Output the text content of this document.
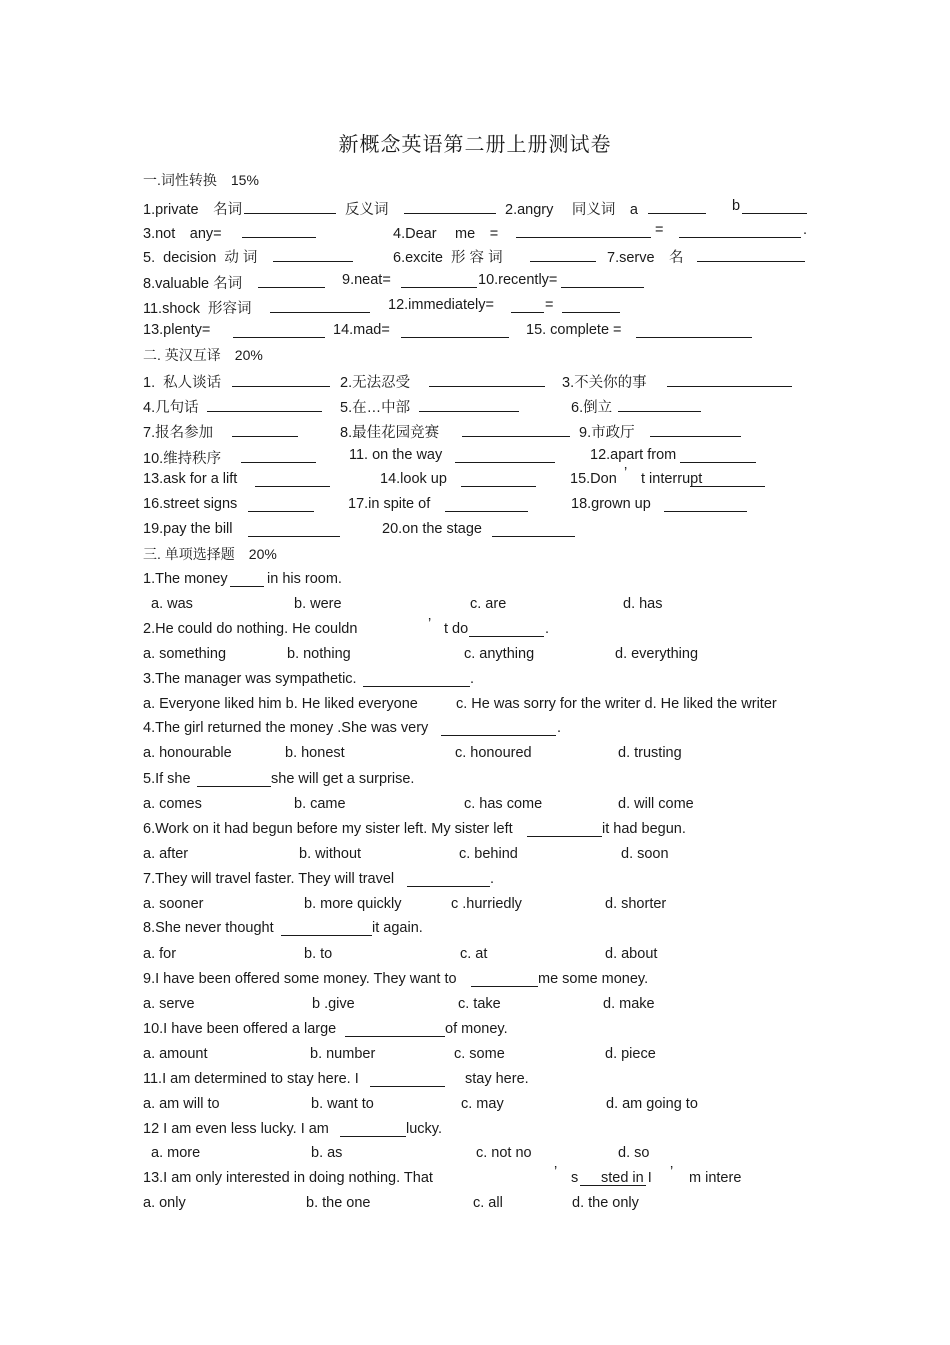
新概念英语第二册上册测试卷
一.词性转换　15%
1.private　名词	反义词	2.angry　 同义词　a	b
3.not　any=	4.Dear　 me　=	=	.
5.  decision  动 词	6.excite  形 容 词	7.serve　名
8.valuable 名词	9.neat=	10.recently=
11.shock  形容词	12.immediately=	=
13.plenty=	14.mad=	15. complete =
二. 英汉互译　20%
1.  私人谈话	2.无法忍受	3.不关你的事
4.几句话	5.在…中部	6.倒立
7.报名参加	8.最佳花园竞赛	9.市政厅
10.维持秩序	11. on the way	12.apart from
13.ask for a lift	14.look up	15.Don ’ t interrupt
16.street signs	17.in spite of	18.grown up
19.pay the bill	20.on the stage
三. 单项选择题　20%
1.The money	in his room.
a. was	b. were	c. are	d. has
2.He could do nothing. He couldn	’ t do	.
a. something	b. nothing	c. anything	d. everything
3.The manager was sympathetic.	.
a. Everyone liked him b. He liked everyone	c. He was sorry for the writer d. He liked the writer
4.The girl returned the money .She was very	.
a. honourable	b. honest	c. honoured	d. trusting
5.If she	she will get a surprise.
a. comes	b. came	c. has come	d. will come
6.Work on it had begun before my sister left. My sister left	it had begun.
a. after	b. without	c. behind	d. soon
7.They will travel faster. They will travel	.
a. sooner	b. more quickly	c .hurriedly	d. shorter
8.She never thought	it again.
a. for	b. to	c. at	d. about
9.I have been offered some money. They want to	me some money.
a. serve	b .give	c. take	d. make
10.I have been offered a large	of money.
a. amount	b. number	c. some	d. piece
11.I am determined to stay here. I	stay here.
a. am will to	b. want to	c. may	d. am going to
12 I am even less lucky. I am	lucky.
a. more	b. as	c. not no	d. so
13.I am only interested in doing nothing. That	’ s sted in I ’ m intere
a. only	b. the one	c. all	d. the only
